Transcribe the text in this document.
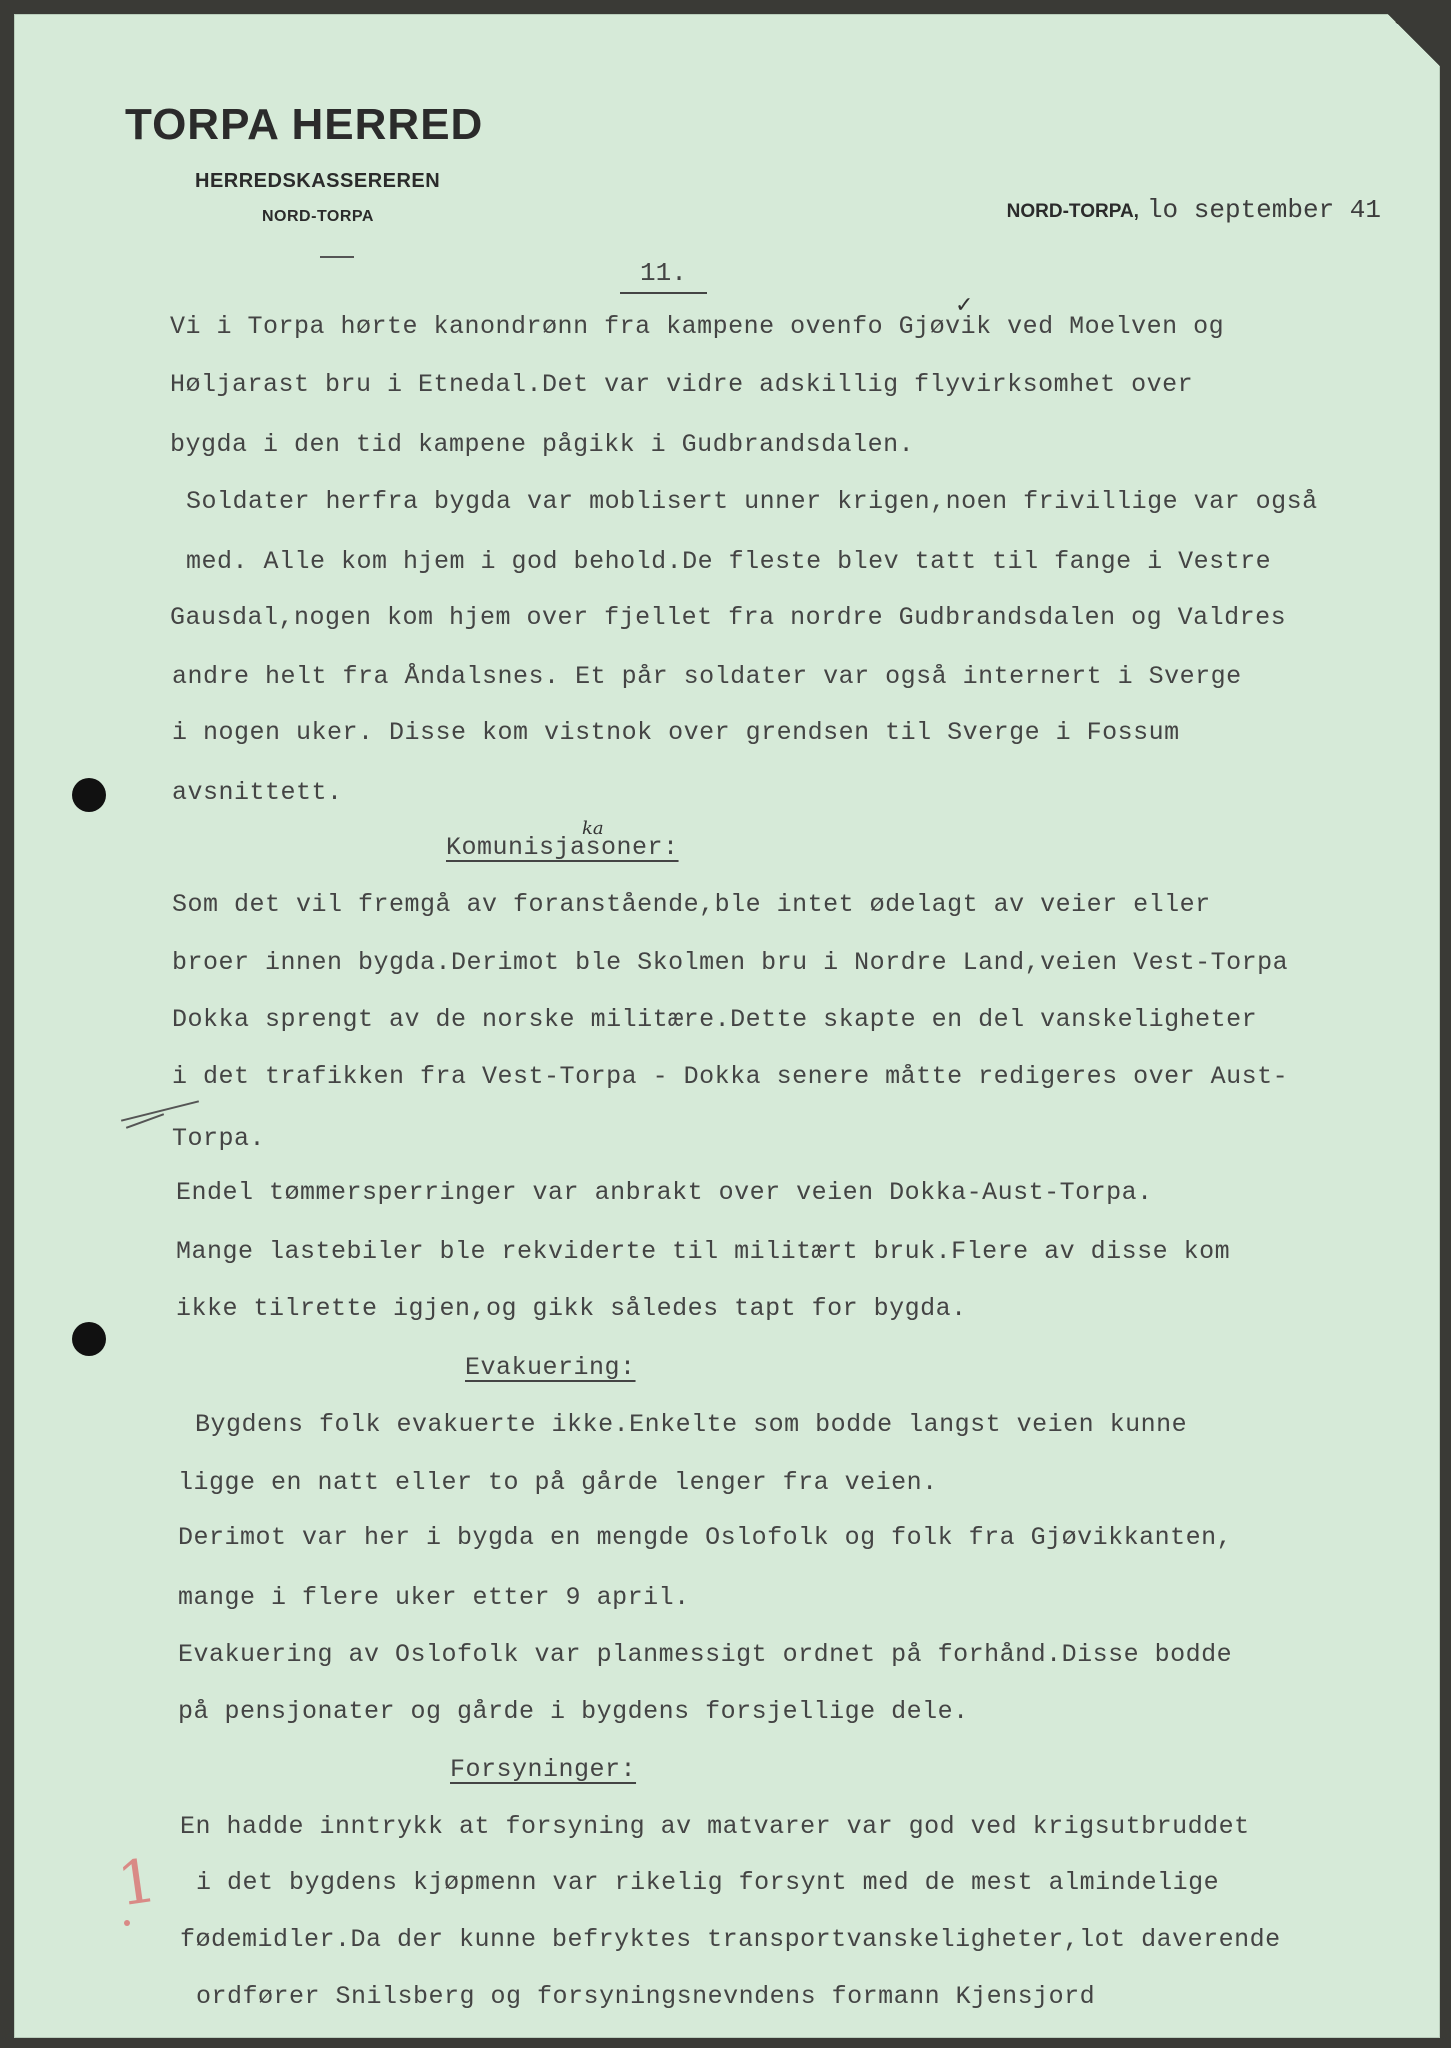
TORPA HERRED
HERREDSKASSEREREN
NORD-TORPA	NORD-TORPA, lo september 41
11.
✓
ka
Vi i Torpa hørte kanondrønn fra kampene ovenfo Gjøvik ved Moelven og
Høljarast bru i Etnedal.Det var vidre adskillig flyvirksomhet over
bygda i den tid kampene pågikk i Gudbrandsdalen.
Soldater herfra bygda var moblisert unner krigen,noen frivillige var også
med. Alle kom hjem i god behold.De fleste blev tatt til fange i Vestre
Gausdal,nogen kom hjem over fjellet fra nordre Gudbrandsdalen og Valdres
andre helt fra Åndalsnes. Et pår soldater var også internert i Sverge
i nogen uker. Disse kom vistnok over grendsen til Sverge i Fossum
avsnittett.
Komunisjasoner:
Som det vil fremgå av foranstående,ble intet ødelagt av veier eller
broer innen bygda.Derimot ble Skolmen bru i Nordre Land,veien Vest-Torpa
Dokka sprengt av de norske militære.Dette skapte en del vanskeligheter
i det trafikken fra Vest-Torpa - Dokka senere måtte redigeres over Aust-
Torpa.
Endel tømmersperringer var anbrakt over veien Dokka-Aust-Torpa.
Mange lastebiler ble rekviderte til militært bruk.Flere av disse kom
ikke tilrette igjen,og gikk således tapt for bygda.
Evakuering:
Bygdens folk evakuerte ikke.Enkelte som bodde langst veien kunne
ligge en natt eller to på gårde lenger fra veien.
Derimot var her i bygda en mengde Oslofolk og folk fra Gjøvikkanten,
mange i flere uker etter 9 april.
Evakuering av Oslofolk var planmessigt ordnet på forhånd.Disse bodde
på pensjonater og gårde i bygdens forsjellige dele.
Forsyninger:
En hadde inntrykk at forsyning av matvarer var god ved krigsutbruddet
i det bygdens kjøpmenn var rikelig forsynt med de mest almindelige
fødemidler.Da der kunne befryktes transportvanskeligheter,lot daverende
ordfører Snilsberg og forsyningsnevndens formann Kjensjord
1
